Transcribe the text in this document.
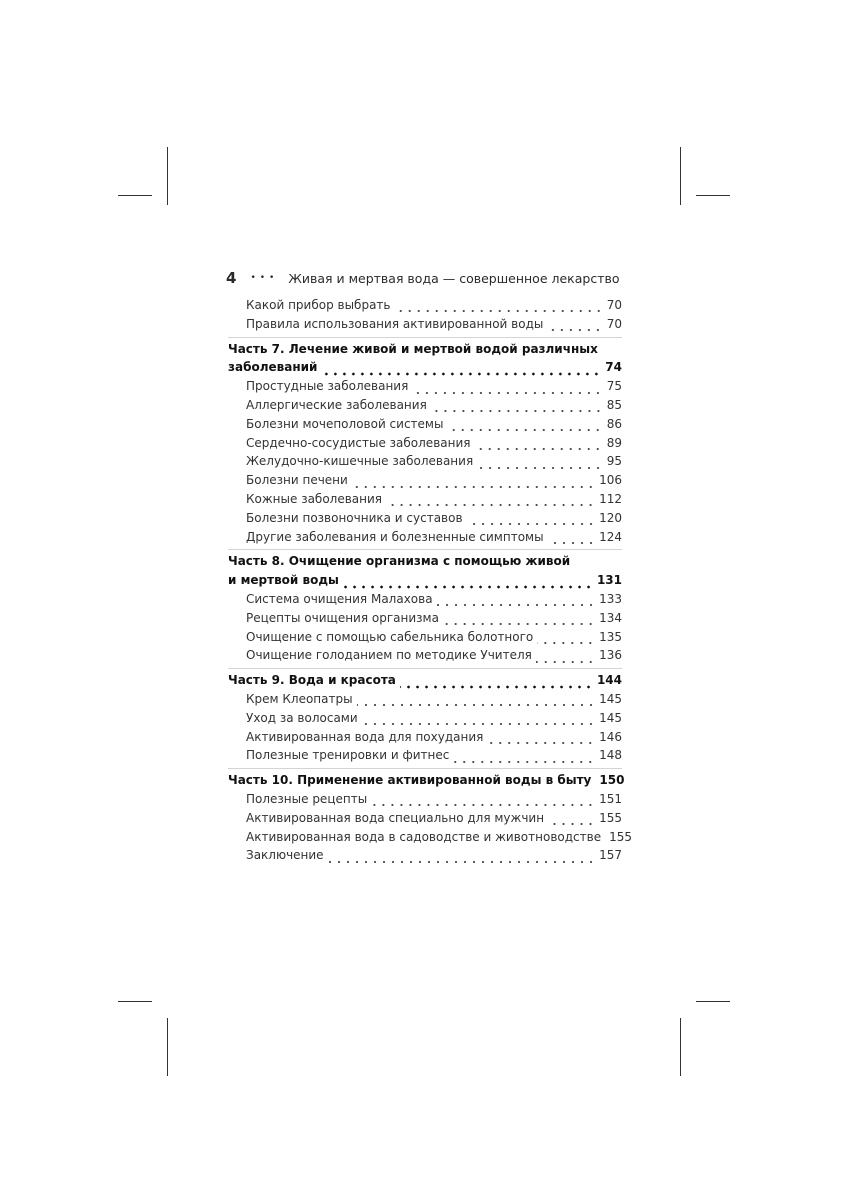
4 ••• Живая и мертвая вода — совершенное лекарство
Какой прибор выбрать	70
Правила использования активированной воды	70
Часть 7. Лечение живой и мертвой водой различных
заболеваний	74
Простудные заболевания	75
Аллергические заболевания	85
Болезни мочеполовой системы	86
Сердечно-сосудистые заболевания	89
Желудочно-кишечные заболевания	95
Болезни печени	106
Кожные заболевания	112
Болезни позвоночника и суставов	120
Другие заболевания и болезненные симптомы	124
Часть 8. Очищение организма с помощью живой
и мертвой воды	131
Система очищения Малахова	133
Рецепты очищения организма	134
Очищение с помощью сабельника болотного	135
Очищение голоданием по методике Учителя	136
Часть 9. Вода и красота	144
Крем Клеопатры	145
Уход за волосами	145
Активированная вода для похудания	146
Полезные тренировки и фитнес	148
Часть 10. Применение активированной воды в быту 150
Полезные рецепты	151
Активированная вода специально для мужчин	155
Активированная вода в садоводстве и животноводстве 155
Заключение	157
